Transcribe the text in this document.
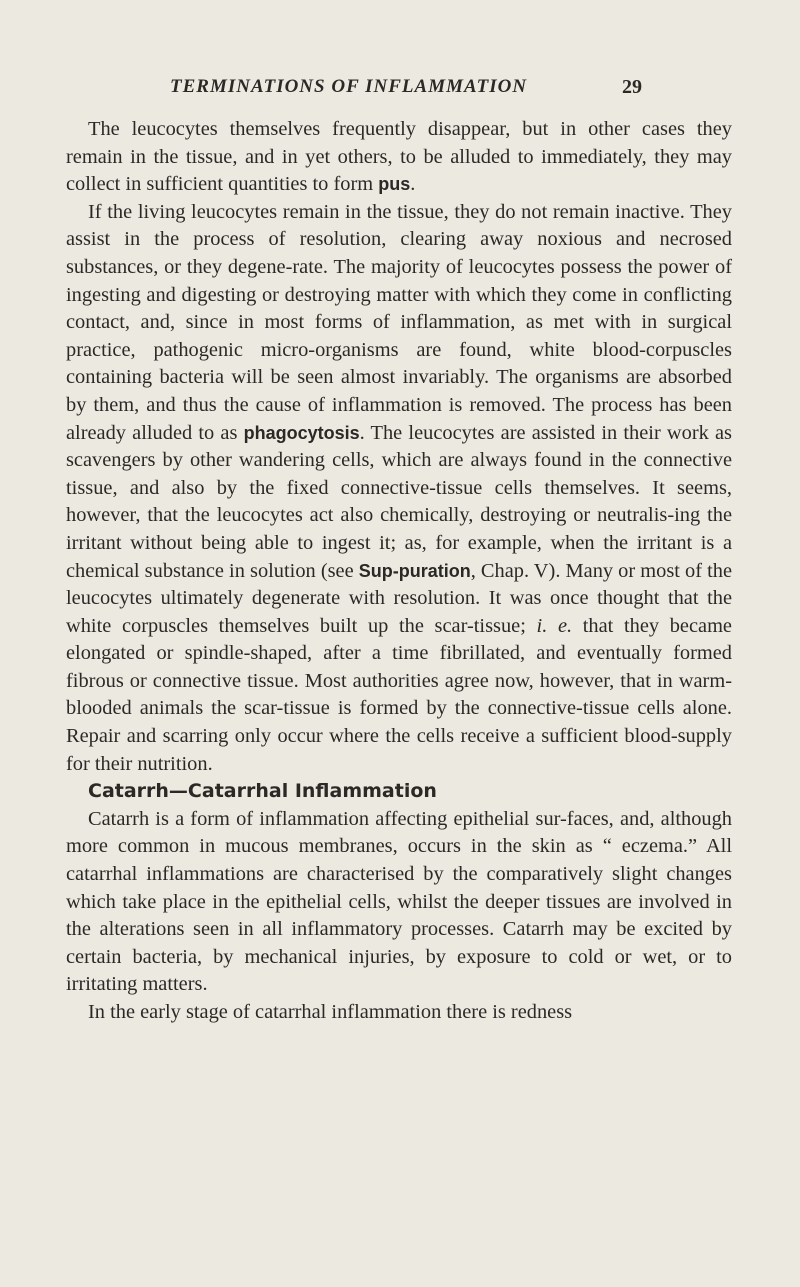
TERMINATIONS OF INFLAMMATION	29

The leucocytes themselves frequently disappear, but in other cases they remain in the tissue, and in yet others, to be alluded to immediately, they may collect in sufficient quantities to form pus.

If the living leucocytes remain in the tissue, they do not remain inactive. They assist in the process of resolution, clearing away noxious and necrosed substances, or they degene-rate. The majority of leucocytes possess the power of ingesting and digesting or destroying matter with which they come in conflicting contact, and, since in most forms of inflammation, as met with in surgical practice, pathogenic micro-organisms are found, white blood-corpuscles containing bacteria will be seen almost invariably. The organisms are absorbed by them, and thus the cause of inflammation is removed. The process has been already alluded to as phagocytosis. The leucocytes are assisted in their work as scavengers by other wandering cells, which are always found in the connective tissue, and also by the fixed connective-tissue cells themselves. It seems, however, that the leucocytes act also chemically, destroying or neutralis-ing the irritant without being able to ingest it; as, for example, when the irritant is a chemical substance in solution (see Sup-puration, Chap. V). Many or most of the leucocytes ultimately degenerate with resolution. It was once thought that the white corpuscles themselves built up the scar-tissue; i. e. that they became elongated or spindle-shaped, after a time fibrillated, and eventually formed fibrous or connective tissue. Most authorities agree now, however, that in warm-blooded animals the scar-tissue is formed by the connective-tissue cells alone. Repair and scarring only occur where the cells receive a sufficient blood-supply for their nutrition.

Catarrh—Catarrhal Inflammation

Catarrh is a form of inflammation affecting epithelial sur-faces, and, although more common in mucous membranes, occurs in the skin as “ eczema.” All catarrhal inflammations are characterised by the comparatively slight changes which take place in the epithelial cells, whilst the deeper tissues are involved in the alterations seen in all inflammatory processes. Catarrh may be excited by certain bacteria, by mechanical injuries, by exposure to cold or wet, or to irritating matters.

In the early stage of catarrhal inflammation there is redness
